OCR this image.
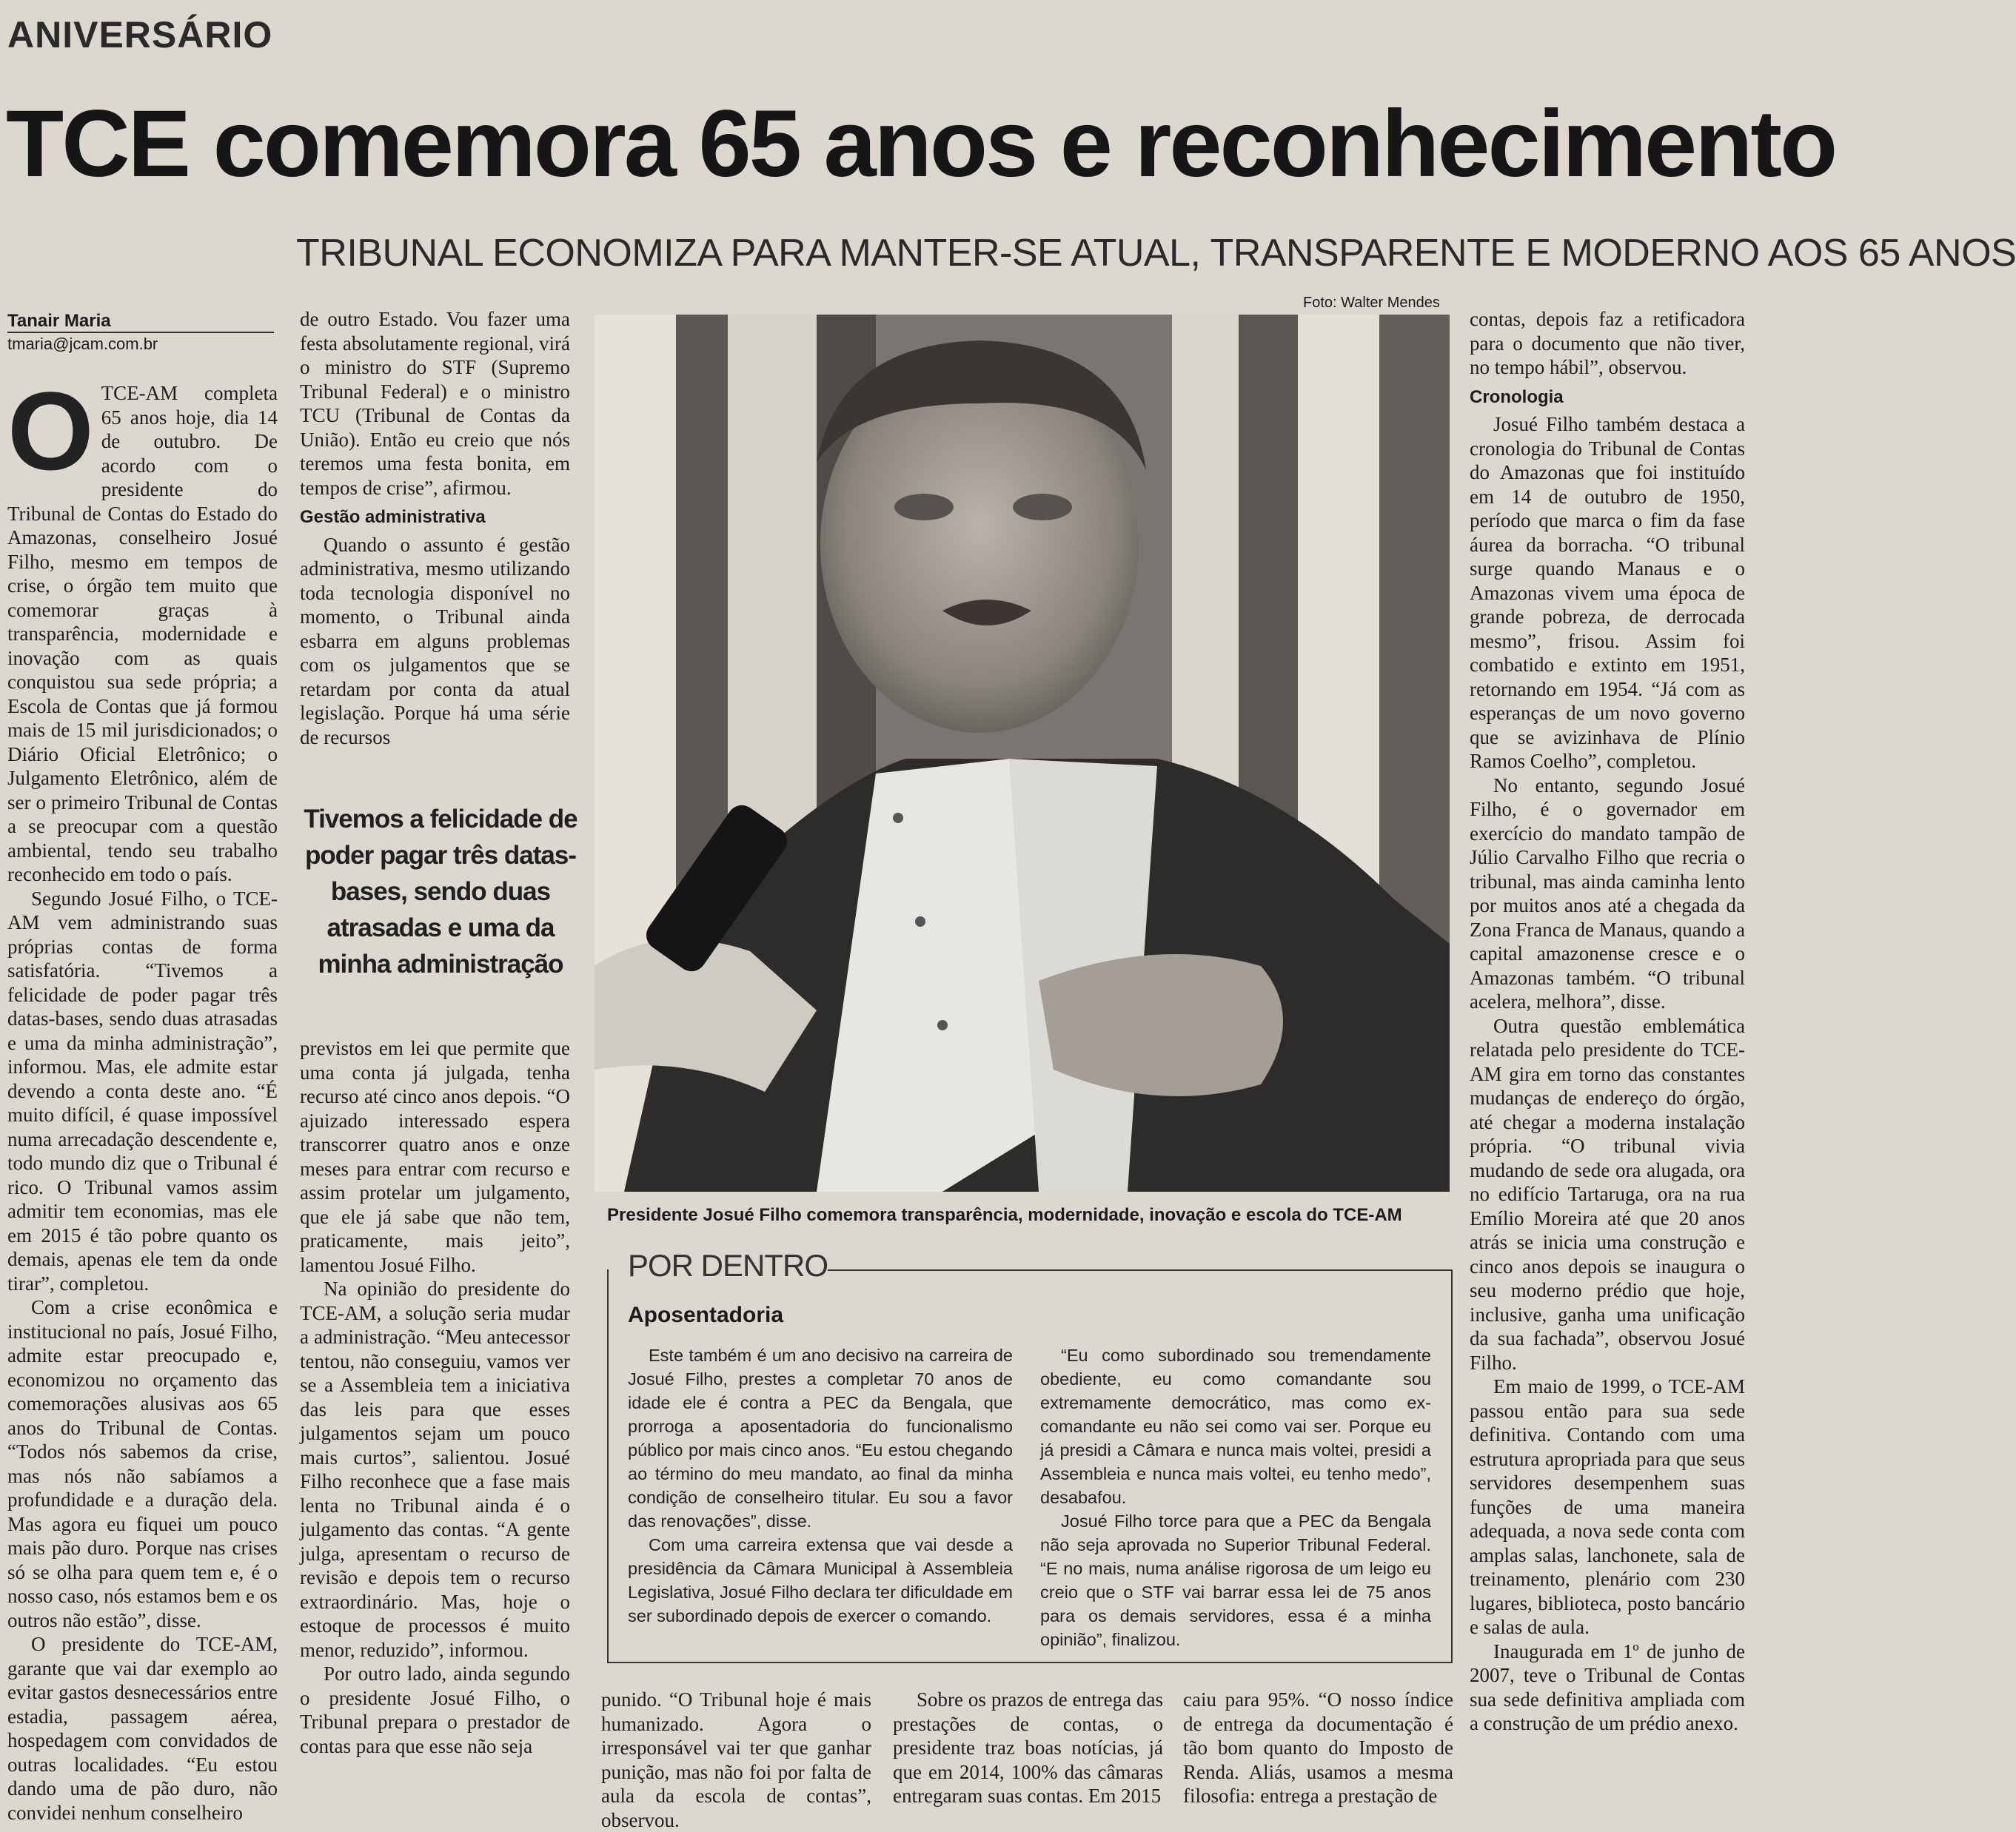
ANIVERSÁRIO
TCE comemora 65 anos e reconhecimento
TRIBUNAL ECONOMIZA PARA MANTER-SE ATUAL, TRANSPARENTE E MODERNO AOS 65 ANOS
Tanair Maria
tmaria@jcam.com.br
O TCE-AM completa 65 anos hoje, dia 14 de outubro. De acordo com o presidente do Tribunal de Contas do Estado do Amazonas, conselheiro Josué Filho, mesmo em tempos de crise, o órgão tem muito que comemorar graças à transparência, modernidade e inovação com as quais conquistou sua sede própria; a Escola de Contas que já formou mais de 15 mil jurisdicionados; o Diário Oficial Eletrônico; o Julgamento Eletrônico, além de ser o primeiro Tribunal de Contas a se preocupar com a questão ambiental, tendo seu trabalho reconhecido em todo o país.

Segundo Josué Filho, o TCE-AM vem administrando suas próprias contas de forma satisfatória. “Tivemos a felicidade de poder pagar três datas-bases, sendo duas atrasadas e uma da minha administração”, informou. Mas, ele admite estar devendo a conta deste ano. “É muito difícil, é quase impossível numa arrecadação descendente e, todo mundo diz que o Tribunal é rico. O Tribunal vamos assim admitir tem economias, mas ele em 2015 é tão pobre quanto os demais, apenas ele tem da onde tirar”, completou.

Com a crise econômica e institucional no país, Josué Filho, admite estar preocupado e, economizou no orçamento das comemorações alusivas aos 65 anos do Tribunal de Contas. “Todos nós sabemos da crise, mas nós não sabíamos a profundidade e a duração dela. Mas agora eu fiquei um pouco mais pão duro. Porque nas crises só se olha para quem tem e, é o nosso caso, nós estamos bem e os outros não estão”, disse.

O presidente do TCE-AM, garante que vai dar exemplo ao evitar gastos desnecessários entre estadia, passagem aérea, hospedagem com convidados de outras localidades. “Eu estou dando uma de pão duro, não convidei nenhum conselheiro

de outro Estado. Vou fazer uma festa absolutamente regional, virá o ministro do STF (Supremo Tribunal Federal) e o ministro TCU (Tribunal de Contas da União). Então eu creio que nós teremos uma festa bonita, em tempos de crise”, afirmou.

Gestão administrativa

Quando o assunto é gestão administrativa, mesmo utilizando toda tecnologia disponível no momento, o Tribunal ainda esbarra em alguns problemas com os julgamentos que se retardam por conta da atual legislação. Porque há uma série de recursos

Tivemos a felicidade de poder pagar três datas-bases, sendo duas atrasadas e uma da minha administração

previstos em lei que permite que uma conta já julgada, tenha recurso até cinco anos depois. “O ajuizado interessado espera transcorrer quatro anos e onze meses para entrar com recurso e assim protelar um julgamento, que ele já sabe que não tem, praticamente, mais jeito”, lamentou Josué Filho.

Na opinião do presidente do TCE-AM, a solução seria mudar a administração. “Meu antecessor tentou, não conseguiu, vamos ver se a Assembleia tem a iniciativa das leis para que esses julgamentos sejam um pouco mais curtos”, salientou. Josué Filho reconhece que a fase mais lenta no Tribunal ainda é o julgamento das contas. “A gente julga, apresentam o recurso de revisão e depois tem o recurso extraordinário. Mas, hoje o estoque de processos é muito menor, reduzido”, informou.

Por outro lado, ainda segundo o presidente Josué Filho, o Tribunal prepara o prestador de contas para que esse não seja

Foto: Walter Mendes
Presidente Josué Filho comemora transparência, modernidade, inovação e escola do TCE-AM
POR DENTRO
Aposentadoria

Este também é um ano decisivo na carreira de Josué Filho, prestes a completar 70 anos de idade ele é contra a PEC da Bengala, que prorroga a aposentadoria do funcionalismo público por mais cinco anos. “Eu estou chegando ao término do meu mandato, ao final da minha condição de conselheiro titular. Eu sou a favor das renovações”, disse.

Com uma carreira extensa que vai desde a presidência da Câmara Municipal à Assembleia Legislativa, Josué Filho declara ter dificuldade em ser subordinado depois de exercer o comando.

“Eu como subordinado sou tremendamente obediente, eu como comandante sou extremamente democrático, mas como ex-comandante eu não sei como vai ser. Porque eu já presidi a Câmara e nunca mais voltei, presidi a Assembleia e nunca mais voltei, eu tenho medo”, desabafou.

Josué Filho torce para que a PEC da Bengala não seja aprovada no Superior Tribunal Federal. “E no mais, numa análise rigorosa de um leigo eu creio que o STF vai barrar essa lei de 75 anos para os demais servidores, essa é a minha opinião”, finalizou.

punido. “O Tribunal hoje é mais humanizado. Agora o irresponsável vai ter que ganhar punição, mas não foi por falta de aula da escola de contas”, observou.

Sobre os prazos de entrega das prestações de contas, o presidente traz boas notícias, já que em 2014, 100% das câmaras entregaram suas contas. Em 2015

caiu para 95%. “O nosso índice de entrega da documentação é tão bom quanto do Imposto de Renda. Aliás, usamos a mesma filosofia: entrega a prestação de

contas, depois faz a retificadora para o documento que não tiver, no tempo hábil”, observou.

Cronologia

Josué Filho também destaca a cronologia do Tribunal de Contas do Amazonas que foi instituído em 14 de outubro de 1950, período que marca o fim da fase áurea da borracha. “O tribunal surge quando Manaus e o Amazonas vivem uma época de grande pobreza, de derrocada mesmo”, frisou. Assim foi combatido e extinto em 1951, retornando em 1954. “Já com as esperanças de um novo governo que se avizinhava de Plínio Ramos Coelho”, completou.

No entanto, segundo Josué Filho, é o governador em exercício do mandato tampão de Júlio Carvalho Filho que recria o tribunal, mas ainda caminha lento por muitos anos até a chegada da Zona Franca de Manaus, quando a capital amazonense cresce e o Amazonas também. “O tribunal acelera, melhora”, disse.

Outra questão emblemática relatada pelo presidente do TCE-AM gira em torno das constantes mudanças de endereço do órgão, até chegar a moderna instalação própria. “O tribunal vivia mudando de sede ora alugada, ora no edifício Tartaruga, ora na rua Emílio Moreira até que 20 anos atrás se inicia uma construção e cinco anos depois se inaugura o seu moderno prédio que hoje, inclusive, ganha uma unificação da sua fachada”, observou Josué Filho.

Em maio de 1999, o TCE-AM passou então para sua sede definitiva. Contando com uma estrutura apropriada para que seus servidores desempenhem suas funções de uma maneira adequada, a nova sede conta com amplas salas, lanchonete, sala de treinamento, plenário com 230 lugares, biblioteca, posto bancário e salas de aula.

Inaugurada em 1º de junho de 2007, teve o Tribunal de Contas sua sede definitiva ampliada com a construção de um prédio anexo.
